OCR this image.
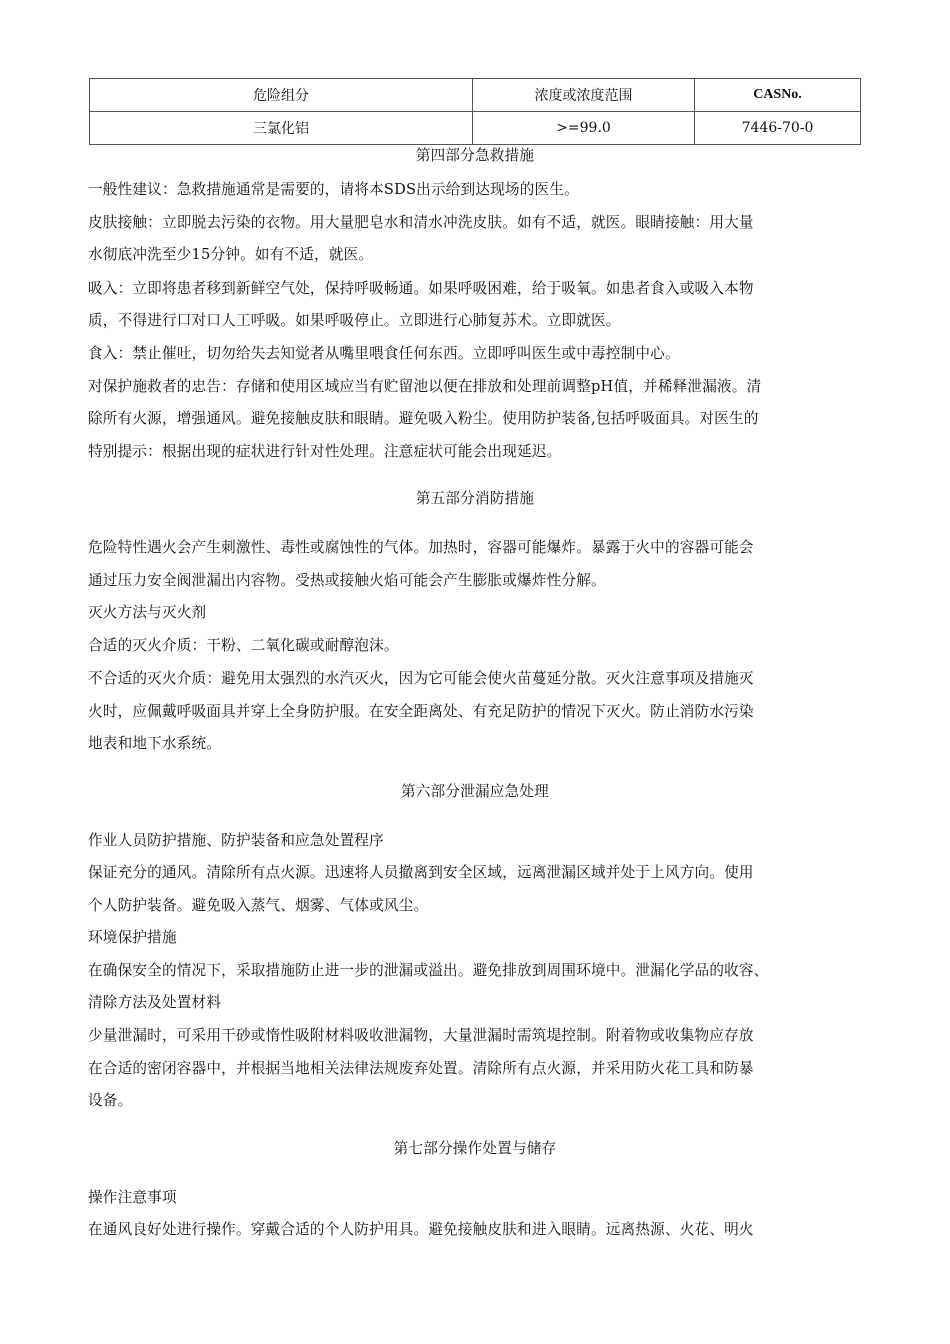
危险组分	浓度或浓度范围	CASNo.
三氯化铝	>=99.0	7446-70-0
第四部分急救措施
一般性建议：急救措施通常是需要的，请将本SDS出示给到达现场的医生。
皮肤接触：立即脱去污染的衣物。用大量肥皂水和清水冲洗皮肤。如有不适，就医。眼睛接触：用大量
水彻底冲洗至少15分钟。如有不适，就医。
吸入：立即将患者移到新鲜空气处，保持呼吸畅通。如果呼吸困难，给于吸氧。如患者食入或吸入本物
质，不得进行口对口人工呼吸。如果呼吸停止。立即进行心肺复苏术。立即就医。
食入：禁止催吐，切勿给失去知觉者从嘴里喂食任何东西。立即呼叫医生或中毒控制中心。
对保护施救者的忠告：存储和使用区域应当有贮留池以便在排放和处理前调整pH值，并稀释泄漏液。清
除所有火源，增强通风。避免接触皮肤和眼睛。避免吸入粉尘。使用防护装备,包括呼吸面具。对医生的
特别提示：根据出现的症状进行针对性处理。注意症状可能会出现延迟。
第五部分消防措施
危险特性遇火会产生刺激性、毒性或腐蚀性的气体。加热时，容器可能爆炸。暴露于火中的容器可能会
通过压力安全阀泄漏出内容物。受热或接触火焰可能会产生膨胀或爆炸性分解。
灭火方法与灭火剂
合适的灭火介质：干粉、二氧化碳或耐醇泡沫。
不合适的灭火介质：避免用太强烈的水汽灭火，因为它可能会使火苗蔓延分散。灭火注意事项及措施灭
火时，应佩戴呼吸面具并穿上全身防护服。在安全距离处、有充足防护的情况下灭火。防止消防水污染
地表和地下水系统。
第六部分泄漏应急处理
作业人员防护措施、防护装备和应急处置程序
保证充分的通风。清除所有点火源。迅速将人员撤离到安全区域，远离泄漏区域并处于上风方向。使用
个人防护装备。避免吸入蒸气、烟雾、气体或风尘。
环境保护措施
在确保安全的情况下，采取措施防止进一步的泄漏或溢出。避免排放到周围环境中。泄漏化学品的收容、
清除方法及处置材料
少量泄漏时，可采用干砂或惰性吸附材料吸收泄漏物，大量泄漏时需筑堤控制。附着物或收集物应存放
在合适的密闭容器中，并根据当地相关法律法规废弃处置。清除所有点火源，并采用防火花工具和防暴
设备。
第七部分操作处置与储存
操作注意事项
在通风良好处进行操作。穿戴合适的个人防护用具。避免接触皮肤和进入眼睛。远离热源、火花、明火
